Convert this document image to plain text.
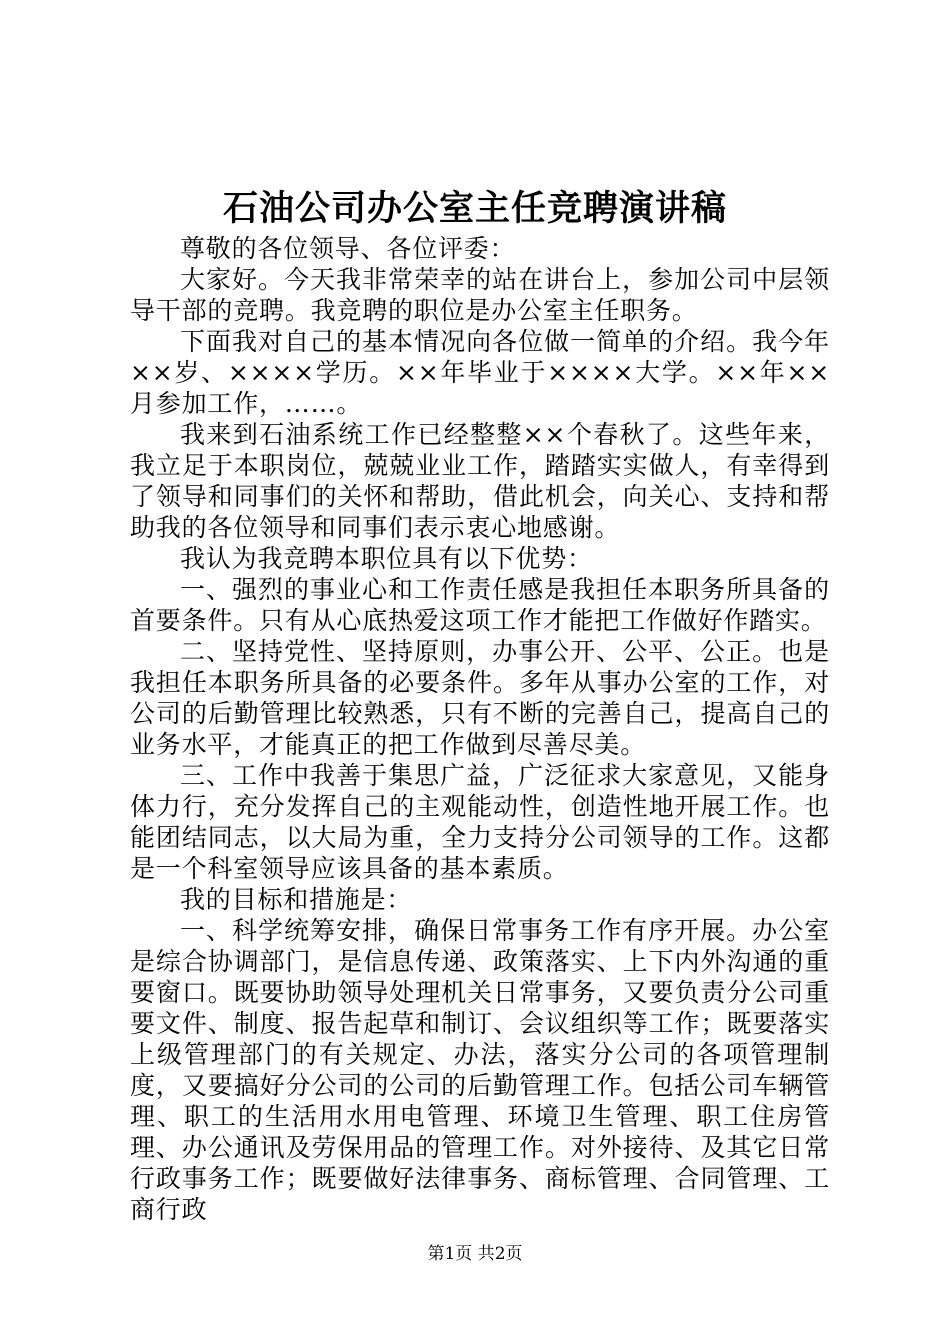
石油公司办公室主任竞聘演讲稿

尊敬的各位领导、各位评委：

大家好。今天我非常荣幸的站在讲台上，参加公司中层领导干部的竞聘。我竞聘的职位是办公室主任职务。

下面我对自己的基本情况向各位做一简单的介绍。我今年××岁、××××学历。××年毕业于××××大学。××年××月参加工作，……。

我来到石油系统工作已经整整××个春秋了。这些年来，我立足于本职岗位，兢兢业业工作，踏踏实实做人，有幸得到了领导和同事们的关怀和帮助，借此机会，向关心、支持和帮助我的各位领导和同事们表示衷心地感谢。

我认为我竞聘本职位具有以下优势：

一、强烈的事业心和工作责任感是我担任本职务所具备的首要条件。只有从心底热爱这项工作才能把工作做好作踏实。

二、坚持党性、坚持原则，办事公开、公平、公正。也是我担任本职务所具备的必要条件。多年从事办公室的工作，对公司的后勤管理比较熟悉，只有不断的完善自己，提高自己的业务水平，才能真正的把工作做到尽善尽美。

三、工作中我善于集思广益，广泛征求大家意见，又能身体力行，充分发挥自己的主观能动性，创造性地开展工作。也能团结同志，以大局为重，全力支持分公司领导的工作。这都是一个科室领导应该具备的基本素质。

我的目标和措施是：

一、科学统筹安排，确保日常事务工作有序开展。办公室是综合协调部门，是信息传递、政策落实、上下内外沟通的重要窗口。既要协助领导处理机关日常事务，又要负责分公司重要文件、制度、报告起草和制订、会议组织等工作；既要落实上级管理部门的有关规定、办法，落实分公司的各项管理制度，又要搞好分公司的公司的后勤管理工作。包括公司车辆管理、职工的生活用水用电管理、环境卫生管理、职工住房管理、办公通讯及劳保用品的管理工作。对外接待、及其它日常行政事务工作；既要做好法律事务、商标管理、合同管理、工商行政

第1页 共2页
